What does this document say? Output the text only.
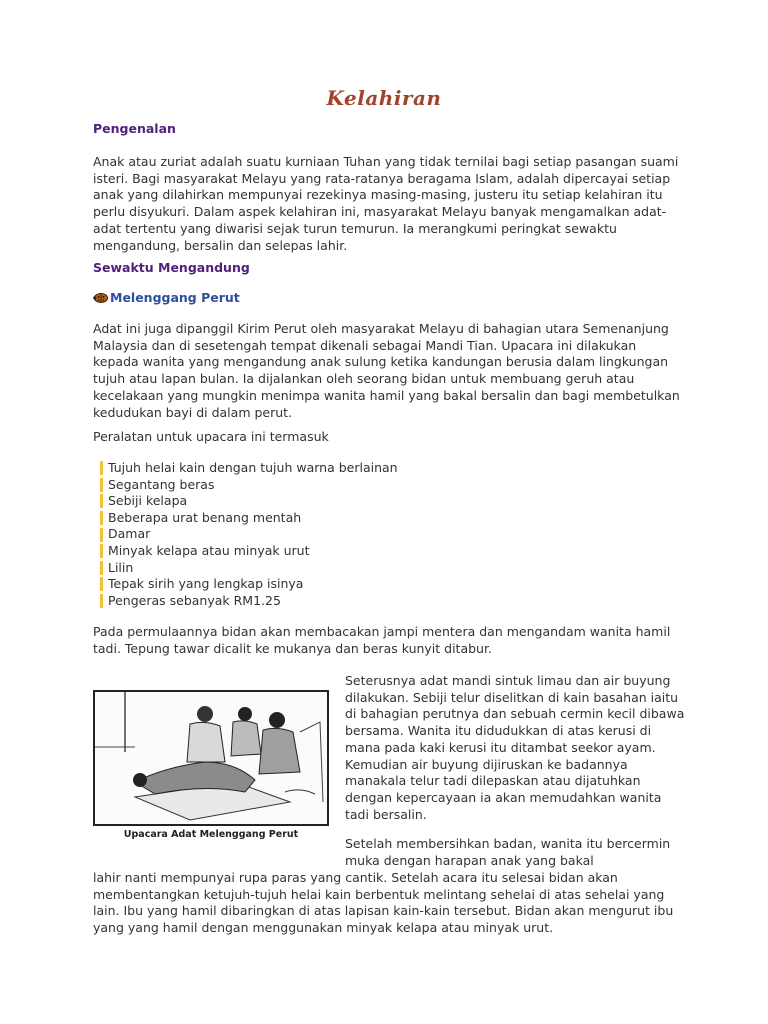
Kelahiran
Pengenalan

Anak atau zuriat adalah suatu kurniaan Tuhan yang tidak ternilai bagi setiap pasangan suami isteri. Bagi masyarakat Melayu yang rata-ratanya beragama Islam, adalah dipercayai setiap anak yang dilahirkan mempunyai rezekinya masing-masing, justeru itu setiap kelahiran itu perlu disyukuri. Dalam aspek kelahiran ini, masyarakat Melayu banyak mengamalkan adat-adat tertentu yang diwarisi sejak turun temurun. Ia merangkumi peringkat sewaktu mengandung, bersalin dan selepas lahir.

Sewaktu Mengandung
Melenggang Perut

Adat ini juga dipanggil Kirim Perut oleh masyarakat Melayu di bahagian utara Semenanjung Malaysia dan di sesetengah tempat dikenali sebagai Mandi Tian. Upacara ini dilakukan kepada wanita yang mengandung anak sulung ketika kandungan berusia dalam lingkungan tujuh atau lapan bulan. Ia dijalankan oleh seorang bidan untuk membuang geruh atau kecelakaan yang mungkin menimpa wanita hamil yang bakal bersalin dan bagi membetulkan kedudukan bayi di dalam perut.

Peralatan untuk upacara ini termasuk

Tujuh helai kain dengan tujuh warna berlainan
Segantang beras
Sebiji kelapa
Beberapa urat benang mentah
Damar
Minyak kelapa atau minyak urut
Lilin
Tepak sirih yang lengkap isinya
Pengeras sebanyak RM1.25

Pada permulaannya bidan akan membacakan jampi mentera dan mengandam wanita hamil tadi. Tepung tawar dicalit ke mukanya dan beras kunyit ditabur.

Upacara Adat Melenggang Perut

Seterusnya adat mandi sintuk limau dan air buyung dilakukan. Sebiji telur diselitkan di kain basahan iaitu di bahagian perutnya dan sebuah cermin kecil dibawa bersama. Wanita itu didudukkan di atas kerusi di mana pada kaki kerusi itu ditambat seekor ayam. Kemudian air buyung dijiruskan ke badannya manakala telur tadi dilepaskan atau dijatuhkan dengan kepercayaan ia akan memudahkan wanita tadi bersalin.

Setelah membersihkan badan, wanita itu bercermin muka dengan harapan anak yang bakal

lahir nanti mempunyai rupa paras yang cantik. Setelah acara itu selesai bidan akan membentangkan ketujuh-tujuh helai kain berbentuk melintang sehelai di atas sehelai yang lain. Ibu yang hamil dibaringkan di atas lapisan kain-kain tersebut. Bidan akan mengurut ibu yang yang hamil dengan menggunakan minyak kelapa atau minyak urut.
